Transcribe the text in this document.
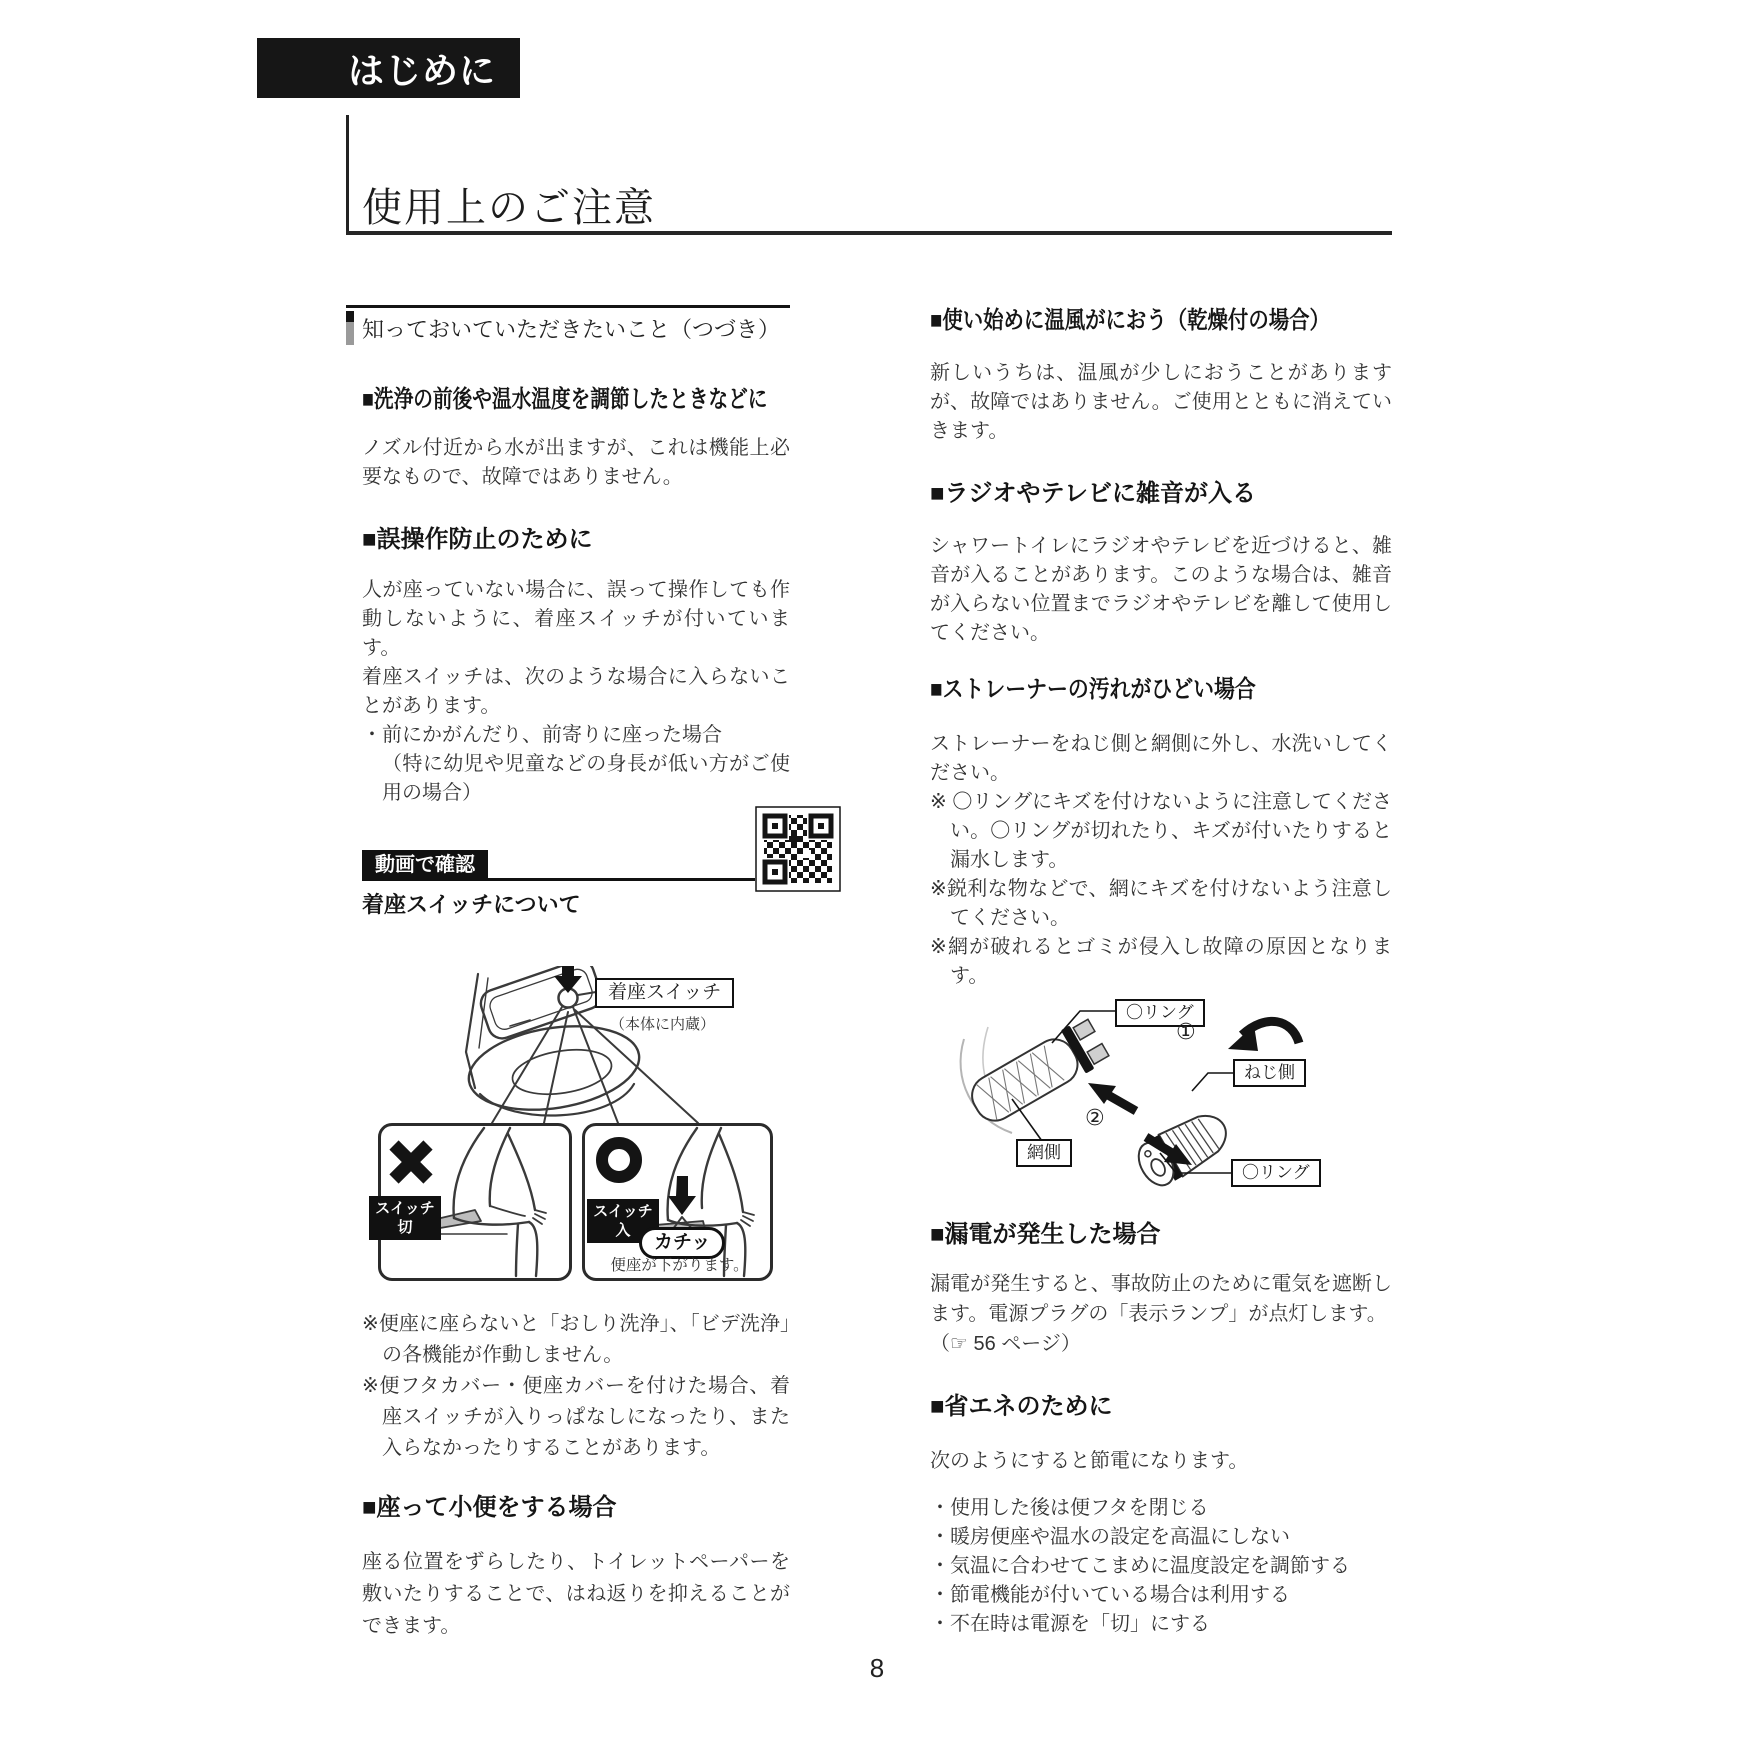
はじめに
使用上のご注意
知っておいていただきたいこと（つづき）
■洗浄の前後や温水温度を調節したときなどに

ノズル付近から水が出ますが、これは機能上必要なもので、故障ではありません。

■誤操作防止のために
人が座っていない場合に、誤って操作しても作動しないように、着座スイッチが付いています。
着座スイッチは、次のような場合に入らないことがあります。
・前にかがんだり、前寄りに座った場合
（特に幼児や児童などの身長が低い方がご使用の場合）
動画で確認
着座スイッチについて
着座スイッチ
（本体に内蔵）
スイッチ
切
スイッチ
入
カチッ
便座が下がります。
※便座に座らないと「おしり洗浄」、「ビデ洗浄」　の各機能が作動しません。
※便フタカバー・便座カバーを付けた場合、着座スイッチが入りっぱなしになったり、また入らなかったりすることがあります。
■座って小便をする場合

座る位置をずらしたり、トイレットペーパーを敷いたりすることで、はね返りを抑えることができます。

■使い始めに温風がにおう（乾燥付の場合）

新しいうちは、温風が少しにおうことがありますが、故障ではありません。ご使用とともに消えていきます。

■ラジオやテレビに雑音が入る

シャワートイレにラジオやテレビを近づけると、雑音が入ることがあります。このような場合は、雑音が入らない位置までラジオやテレビを離して使用してください。

■ストレーナーの汚れがひどい場合
ストレーナーをねじ側と網側に外し、水洗いしてください。
※ 〇リングにキズを付けないように注意してください。〇リングが切れたり、キズが付いたりすると漏水します。
※鋭利な物などで、網にキズを付けないよう注意してください。
※網が破れるとゴミが侵入し故障の原因となります。
〇リング
ねじ側
網側
〇リング
①
②
■漏電が発生した場合
漏電が発生すると、事故防止のために電気を遮断します。電源プラグの「表示ランプ」が点灯します。
（☞ 56 ページ）
■省エネのために

次のようにすると節電になります。

・使用した後は便フタを閉じる
・暖房便座や温水の設定を高温にしない
・気温に合わせてこまめに温度設定を調節する
・節電機能が付いている場合は利用する
・不在時は電源を「切」にする
8
